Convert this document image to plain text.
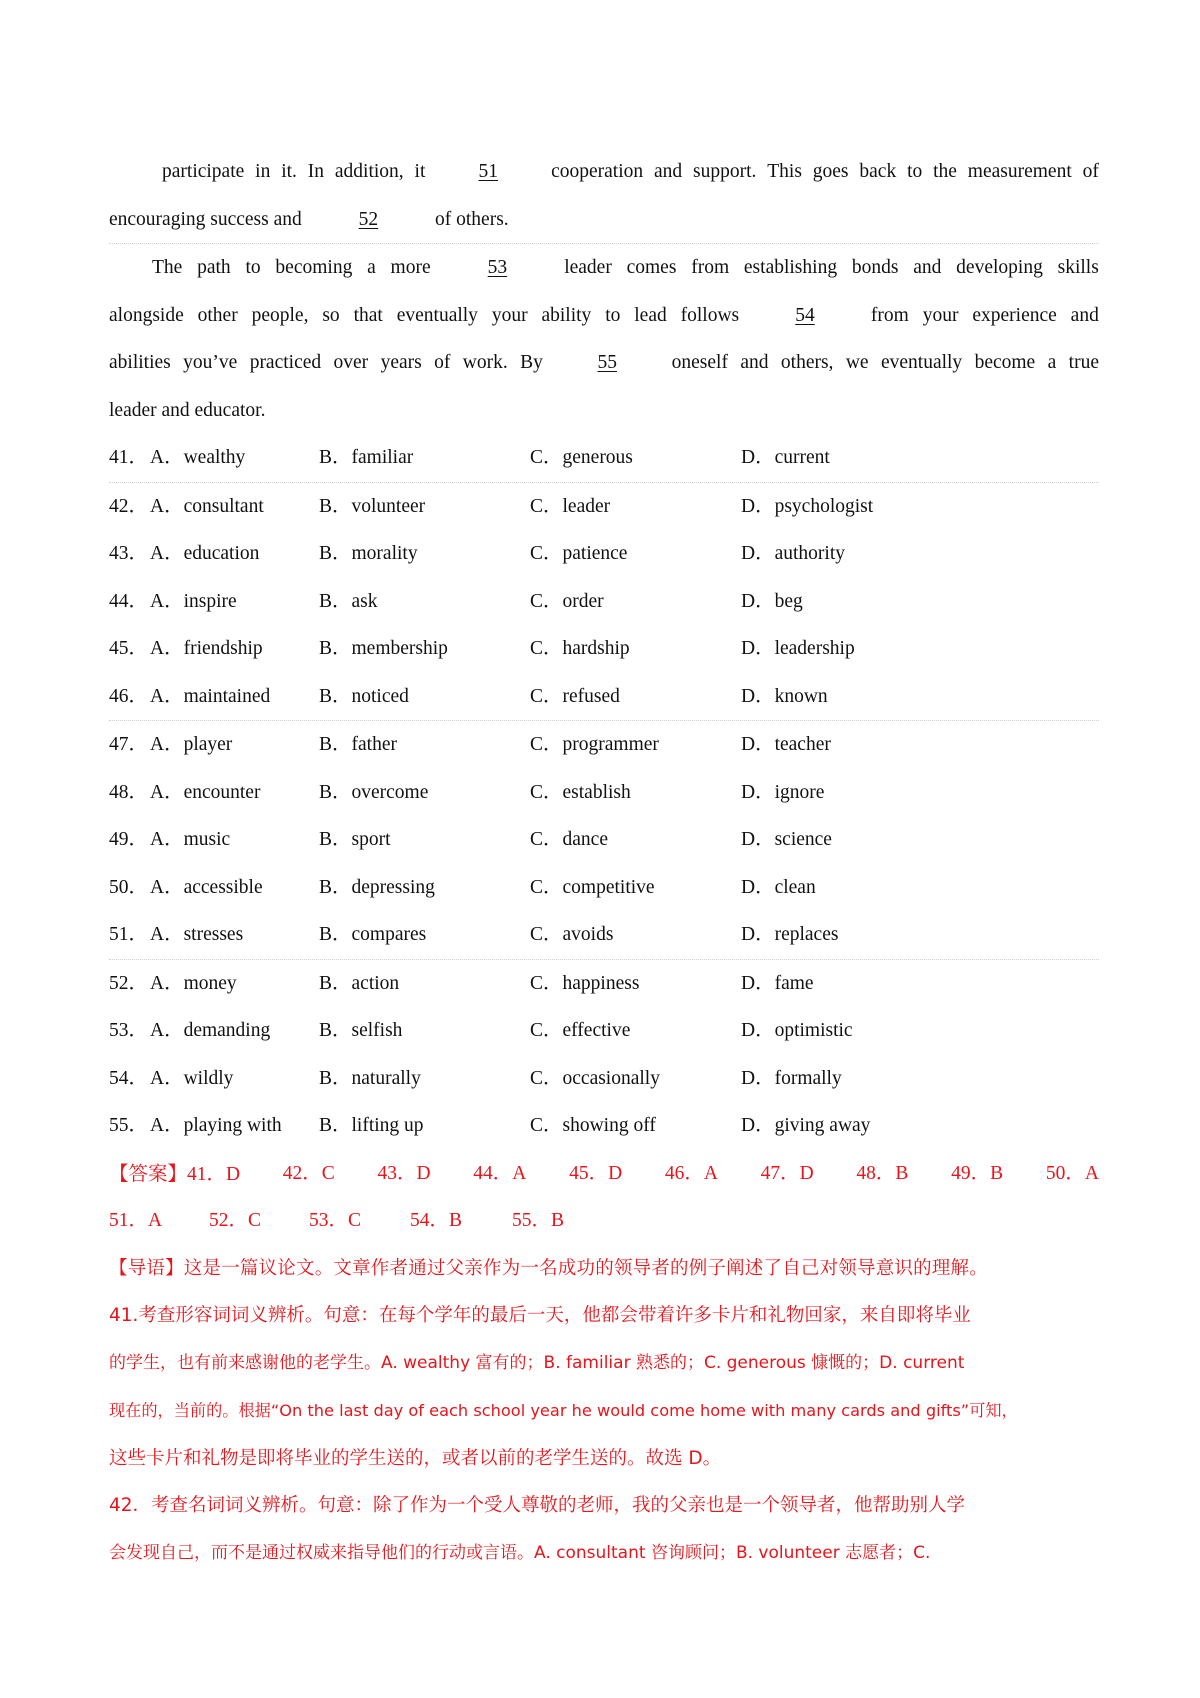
participate in it. In addition, it	51	cooperation and support. This goes back to the measurement of
encouraging success and	52	of others.
The path to becoming a more	53	leader comes from establishing bonds and developing skills
alongside other people, so that eventually your ability to lead follows	54	from your experience and
abilities you’ve practiced over years of work. By	55	oneself and others, we eventually become a true
leader and educator.
41． A．wealthy	B．familiar	C．generous	D．current
42． A．consultant	B．volunteer	C．leader	D．psychologist
43． A．education	B．morality	C．patience	D．authority
44． A．inspire	B．ask	C．order	D．beg
45． A．friendship	B．membership	C．hardship	D．leadership
46． A．maintained	B．noticed	C．refused	D．known
47． A．player	B．father	C．programmer	D．teacher
48． A．encounter	B．overcome	C．establish	D．ignore
49． A．music	B．sport	C．dance	D．science
50． A．accessible	B．depressing	C．competitive	D．clean
51． A．stresses	B．compares	C．avoids	D．replaces
52． A．money	B．action	C．happiness	D．fame
53． A．demanding	B．selfish	C．effective	D．optimistic
54． A．wildly	B．naturally	C．occasionally	D．formally
55． A．playing with B．lifting up	C．showing off	D．giving away
【答案】41．D 42．C 43．D 44．A 45．D 46．A 47．D 48．B 49．B 50．A
51．A 52．C 53．C	54．B	55．B
【导语】这是一篇议论文。文章作者通过父亲作为一名成功的领导者的例子阐述了自己对领导意识的理解。
41.考查形容词词义辨析。句意：在每个学年的最后一天，他都会带着许多卡片和礼物回家，来自即将毕业
的学生，也有前来感谢他的老学生。A. wealthy 富有的；B. familiar 熟悉的；C. generous 慷慨的；D. current
现在的，当前的。根据“On the last day of each school year he would come home with many cards and gifts”可知，
这些卡片和礼物是即将毕业的学生送的，或者以前的老学生送的。故选 D。
42．考查名词词义辨析。句意：除了作为一个受人尊敬的老师，我的父亲也是一个领导者，他帮助别人学
会发现自己，而不是通过权威来指导他们的行动或言语。A. consultant 咨询顾问；B. volunteer 志愿者；C.
